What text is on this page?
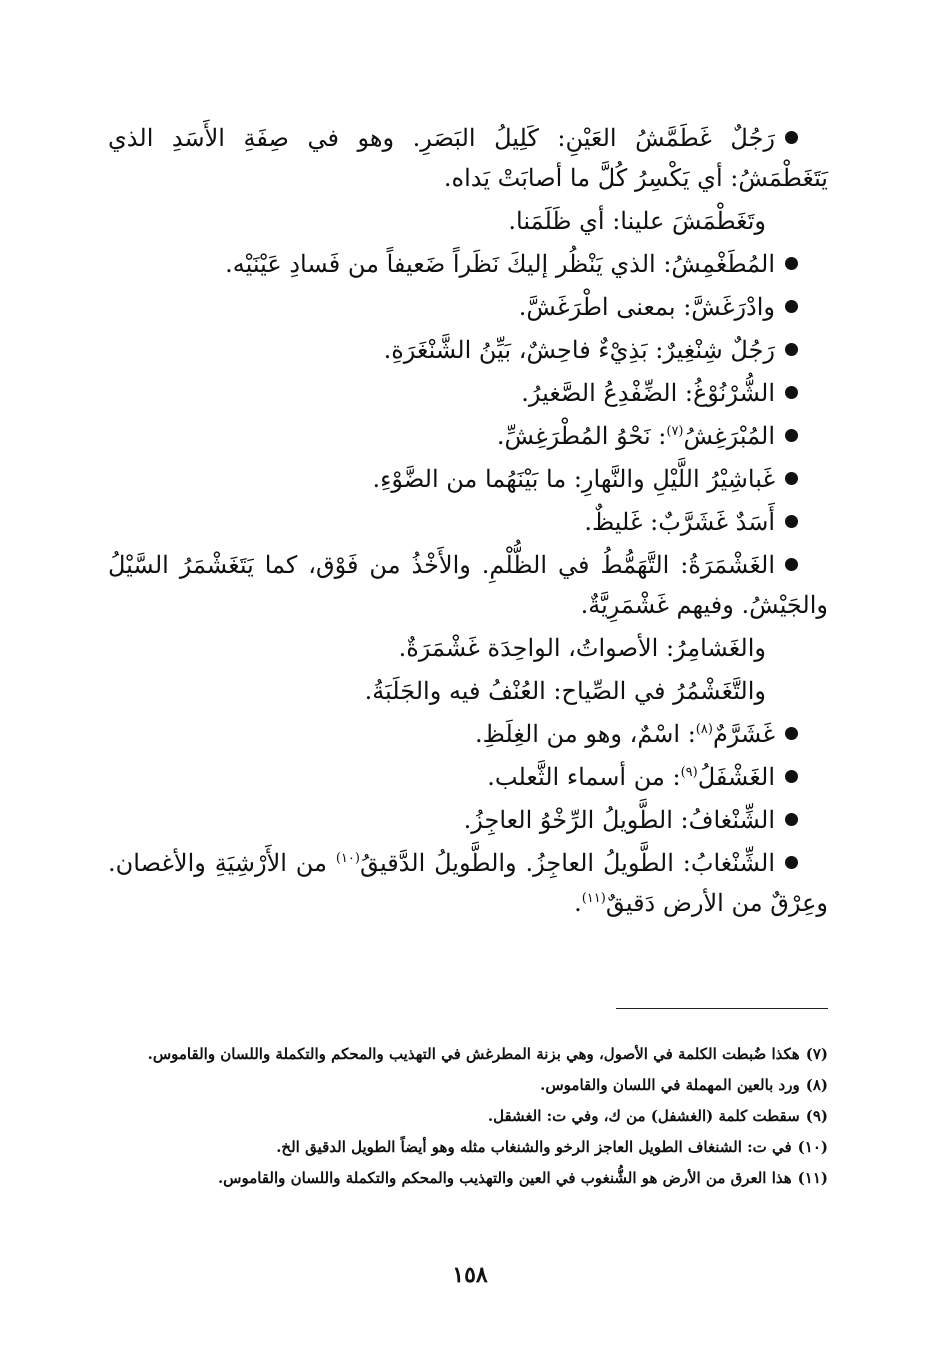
رَجُلٌ غَطَمَّشُ العَيْنِ: كَلِيلُ البَصَرِ. وهو في صِفَةِ الأَسَدِ الذي يَتَغَطْمَشُ: أي يَكْسِرُ كُلَّ ما أصابَتْ يَداه.

وتَغَطْمَشَ علينا: أي ظَلَمَنا.

المُطَغْمِشُ: الذي يَنْظُر إليكَ نَظَراً ضَعيفاً من فَسادِ عَيْنَيْه.

وادْرَغَشَّ: بمعنى اطْرَغَشَّ.

رَجُلٌ شِنْغِيرٌ: بَذِيْءٌ فاحِشٌ، بَيِّنُ الشَّنْغَرَةِ.

الشُّرْنُوْغُ: الضِّفْدِعُ الصَّغيرُ.

المُبْرَغِشُ$^{(٧)}$: نَحْوُ المُطْرَغِشِّ.

غَباشِيْرُ اللَّيْلِ والنَّهارِ: ما بَيْنَهُما من الضَّوْءِ.

أَسَدٌ غَشَرَّبٌ: غَليظٌ.

الغَشْمَرَةُ: التَّهَمُّطُ في الظُّلْمِ. والأَخْذُ من فَوْق، كما يَتَغَشْمَرُ السَّيْلُ والجَيْشُ. وفيهم غَشْمَرِيَّةٌ.

والغَشامِرُ: الأصواتُ، الواحِدَة غَشْمَرَةٌ.

والتَّغَشْمُرُ في الصِّياح: العُنْفُ فيه والجَلَبَةُ.

غَشَرَّمٌ$^{(٨)}$: اسْمٌ، وهو من الغِلَظِ.

الغَشْفَلُ$^{(٩)}$: من أسماء الثَّعلب.

الشِّنْغافُ: الطَّويلُ الرِّخْوُ العاجِزُ.

الشِّنْغابُ: الطَّويلُ العاجِزُ. والطَّويلُ الدَّقيقُ$^{(١٠)}$ من الأَرْشِيَةِ والأغصان. وعِرْقٌ من الأرض دَقيقٌ$^{(١١)}$.

(٧)هكذا ضُبطت الكلمة في الأصول، وهي بزنة المطرغش في التهذيب والمحكم والتكملة واللسان والقاموس.

(٨)ورد بالعين المهملة في اللسان والقاموس.

(٩)سقطت كلمة (الغشفل) من ك، وفي ت: الغشقل.

(١٠)في ت: الشنغاف الطويل العاجز الرخو والشنغاب مثله وهو أيضاً الطويل الدقيق الخ.

(١١)هذا العرق من الأرض هو الشُّنغوب في العين والتهذيب والمحكم والتكملة واللسان والقاموس.

١٥٨
